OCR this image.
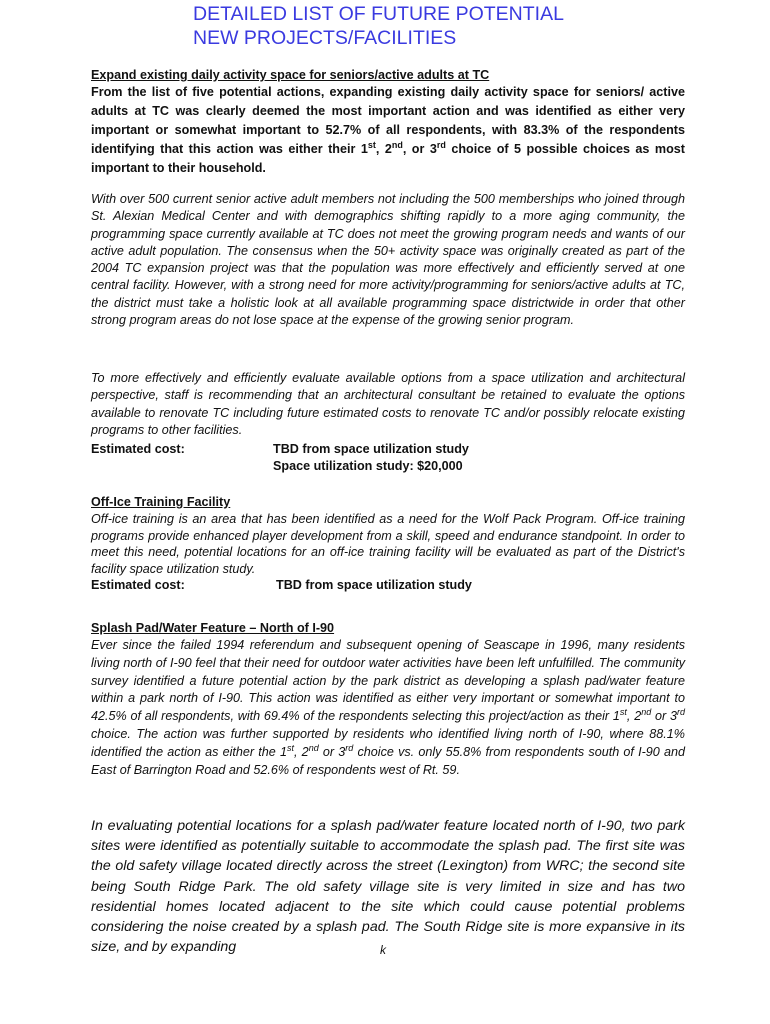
DETAILED LIST OF FUTURE POTENTIAL
NEW PROJECTS/FACILITIES

Expand existing daily activity space for seniors/active adults at TC

From the list of five potential actions, expanding existing daily activity space for seniors/ active adults at TC was clearly deemed the most important action and was identified as either very important or somewhat important to 52.7% of all respondents, with 83.3% of the respondents identifying that this action was either their 1st, 2nd, or 3rd choice of 5 possible choices as most important to their household.

With over 500 current senior active adult members not including the 500 memberships who joined through St. Alexian Medical Center and with demographics shifting rapidly to a more aging community, the programming space currently available at TC does not meet the growing program needs and wants of our active adult population. The consensus when the 50+ activity space was originally created as part of the 2004 TC expansion project was that the population was more effectively and efficiently served at one central facility. However, with a strong need for more activity/programming for seniors/active adults at TC, the district must take a holistic look at all available programming space districtwide in order that other strong program areas do not lose space at the expense of the growing senior program.

To more effectively and efficiently evaluate available options from a space utilization and architectural perspective, staff is recommending that an architectural consultant be retained to evaluate the options available to renovate TC including future estimated costs to renovate TC and/or possibly relocate existing programs to other facilities.

Estimated cost:	TBD from space utilization study
Space utilization study: $20,000

Off-Ice Training Facility

Off-ice training is an area that has been identified as a need for the Wolf Pack Program. Off-ice training programs provide enhanced player development from a skill, speed and endurance standpoint. In order to meet this need, potential locations for an off-ice training facility will be evaluated as part of the District's facility space utilization study.

Estimated cost:	TBD from space utilization study

Splash Pad/Water Feature – North of I-90

Ever since the failed 1994 referendum and subsequent opening of Seascape in 1996, many residents living north of I-90 feel that their need for outdoor water activities have been left unfulfilled. The community survey identified a future potential action by the park district as developing a splash pad/water feature within a park north of I-90. This action was identified as either very important or somewhat important to 42.5% of all respondents, with 69.4% of the respondents selecting this project/action as their 1st, 2nd or 3rd choice. The action was further supported by residents who identified living north of I-90, where 88.1% identified the action as either the 1st, 2nd or 3rd choice vs. only 55.8% from respondents south of I-90 and East of Barrington Road and 52.6% of respondents west of Rt. 59.

In evaluating potential locations for a splash pad/water feature located north of I-90, two park sites were identified as potentially suitable to accommodate the splash pad. The first site was the old safety village located directly across the street (Lexington) from WRC; the second site being South Ridge Park. The old safety village site is very limited in size and has two residential homes located adjacent to the site which could cause potential problems considering the noise created by a splash pad. The South Ridge site is more expansive in its size, and by expanding	k
